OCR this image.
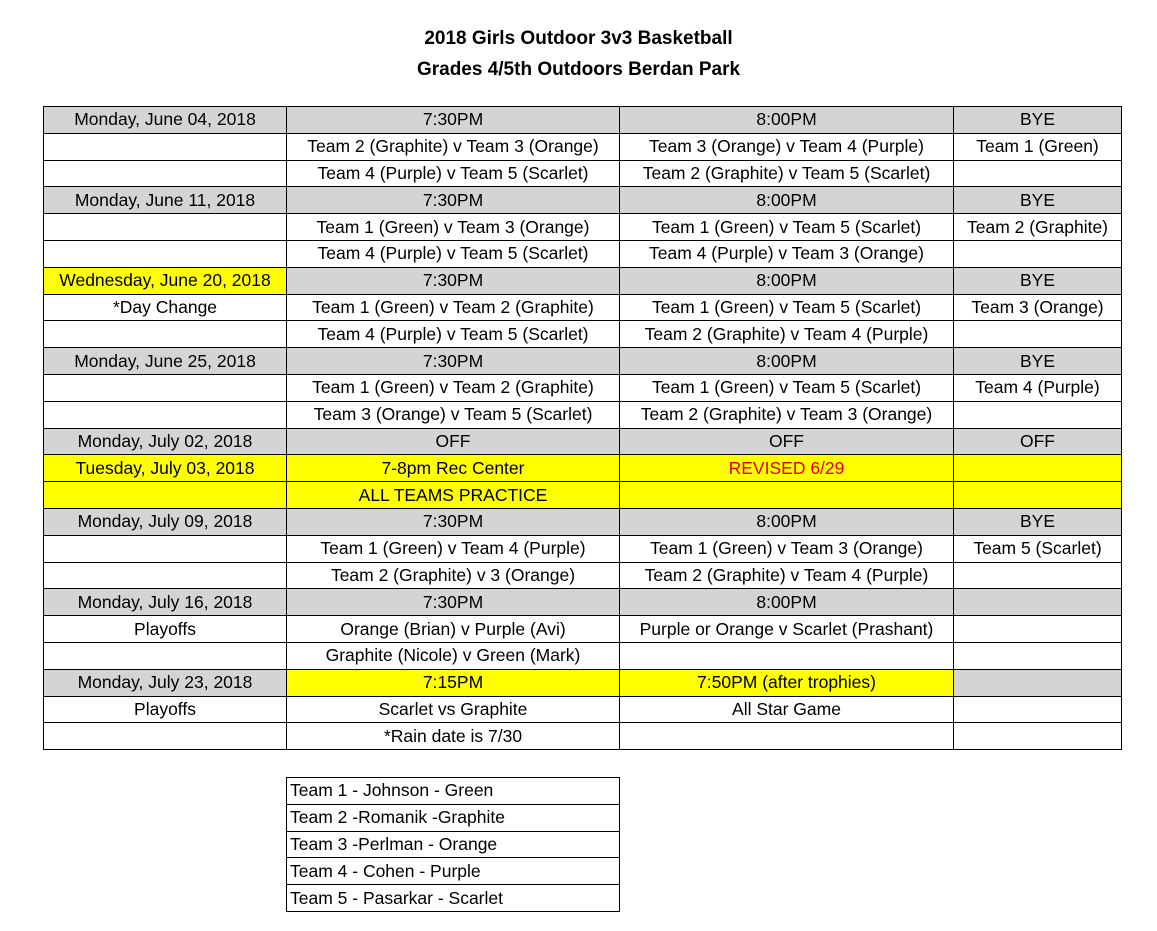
2018 Girls Outdoor 3v3 Basketball
Grades 4/5th Outdoors Berdan Park
Monday, June 04, 2018	7:30PM	8:00PM	BYE
	Team 2 (Graphite) v Team 3 (Orange)	Team 3 (Orange) v Team 4 (Purple)	Team 1 (Green)
	Team 4 (Purple) v Team 5 (Scarlet)	Team 2 (Graphite) v Team 5 (Scarlet)	
Monday, June 11, 2018	7:30PM	8:00PM	BYE
	Team 1 (Green) v Team 3 (Orange)	Team 1 (Green) v Team 5 (Scarlet)	Team 2 (Graphite)
	Team 4 (Purple) v Team 5 (Scarlet)	Team 4 (Purple) v Team 3 (Orange)	
Wednesday, June 20, 2018	7:30PM	8:00PM	BYE
*Day Change	Team 1 (Green) v Team 2 (Graphite)	Team 1 (Green) v Team 5 (Scarlet)	Team 3 (Orange)
	Team 4 (Purple) v Team 5 (Scarlet)	Team 2 (Graphite) v Team 4 (Purple)	
Monday, June 25, 2018	7:30PM	8:00PM	BYE
	Team 1 (Green) v Team 2 (Graphite)	Team 1 (Green) v Team 5 (Scarlet)	Team 4 (Purple)
	Team 3 (Orange) v Team 5 (Scarlet)	Team 2 (Graphite) v Team 3 (Orange)	
Monday, July 02, 2018	OFF	OFF	OFF
Tuesday, July 03, 2018	7-8pm Rec Center	REVISED 6/29	
	ALL TEAMS PRACTICE		
Monday, July 09, 2018	7:30PM	8:00PM	BYE
	Team 1 (Green) v Team 4 (Purple)	Team 1 (Green) v Team 3 (Orange)	Team 5 (Scarlet)
	Team 2 (Graphite) v 3 (Orange)	Team 2 (Graphite) v Team 4 (Purple)	
Monday, July 16, 2018	7:30PM	8:00PM	
Playoffs	Orange (Brian) v Purple (Avi)	Purple or Orange v Scarlet (Prashant)	
	Graphite (Nicole) v Green (Mark)		
Monday, July 23, 2018	7:15PM	7:50PM (after trophies)	
Playoffs	Scarlet vs Graphite	All Star Game	
	*Rain date is 7/30		
Team 1 - Johnson - Green
Team 2 -Romanik -Graphite
Team 3 -Perlman - Orange
Team 4 - Cohen - Purple
Team 5 - Pasarkar - Scarlet
